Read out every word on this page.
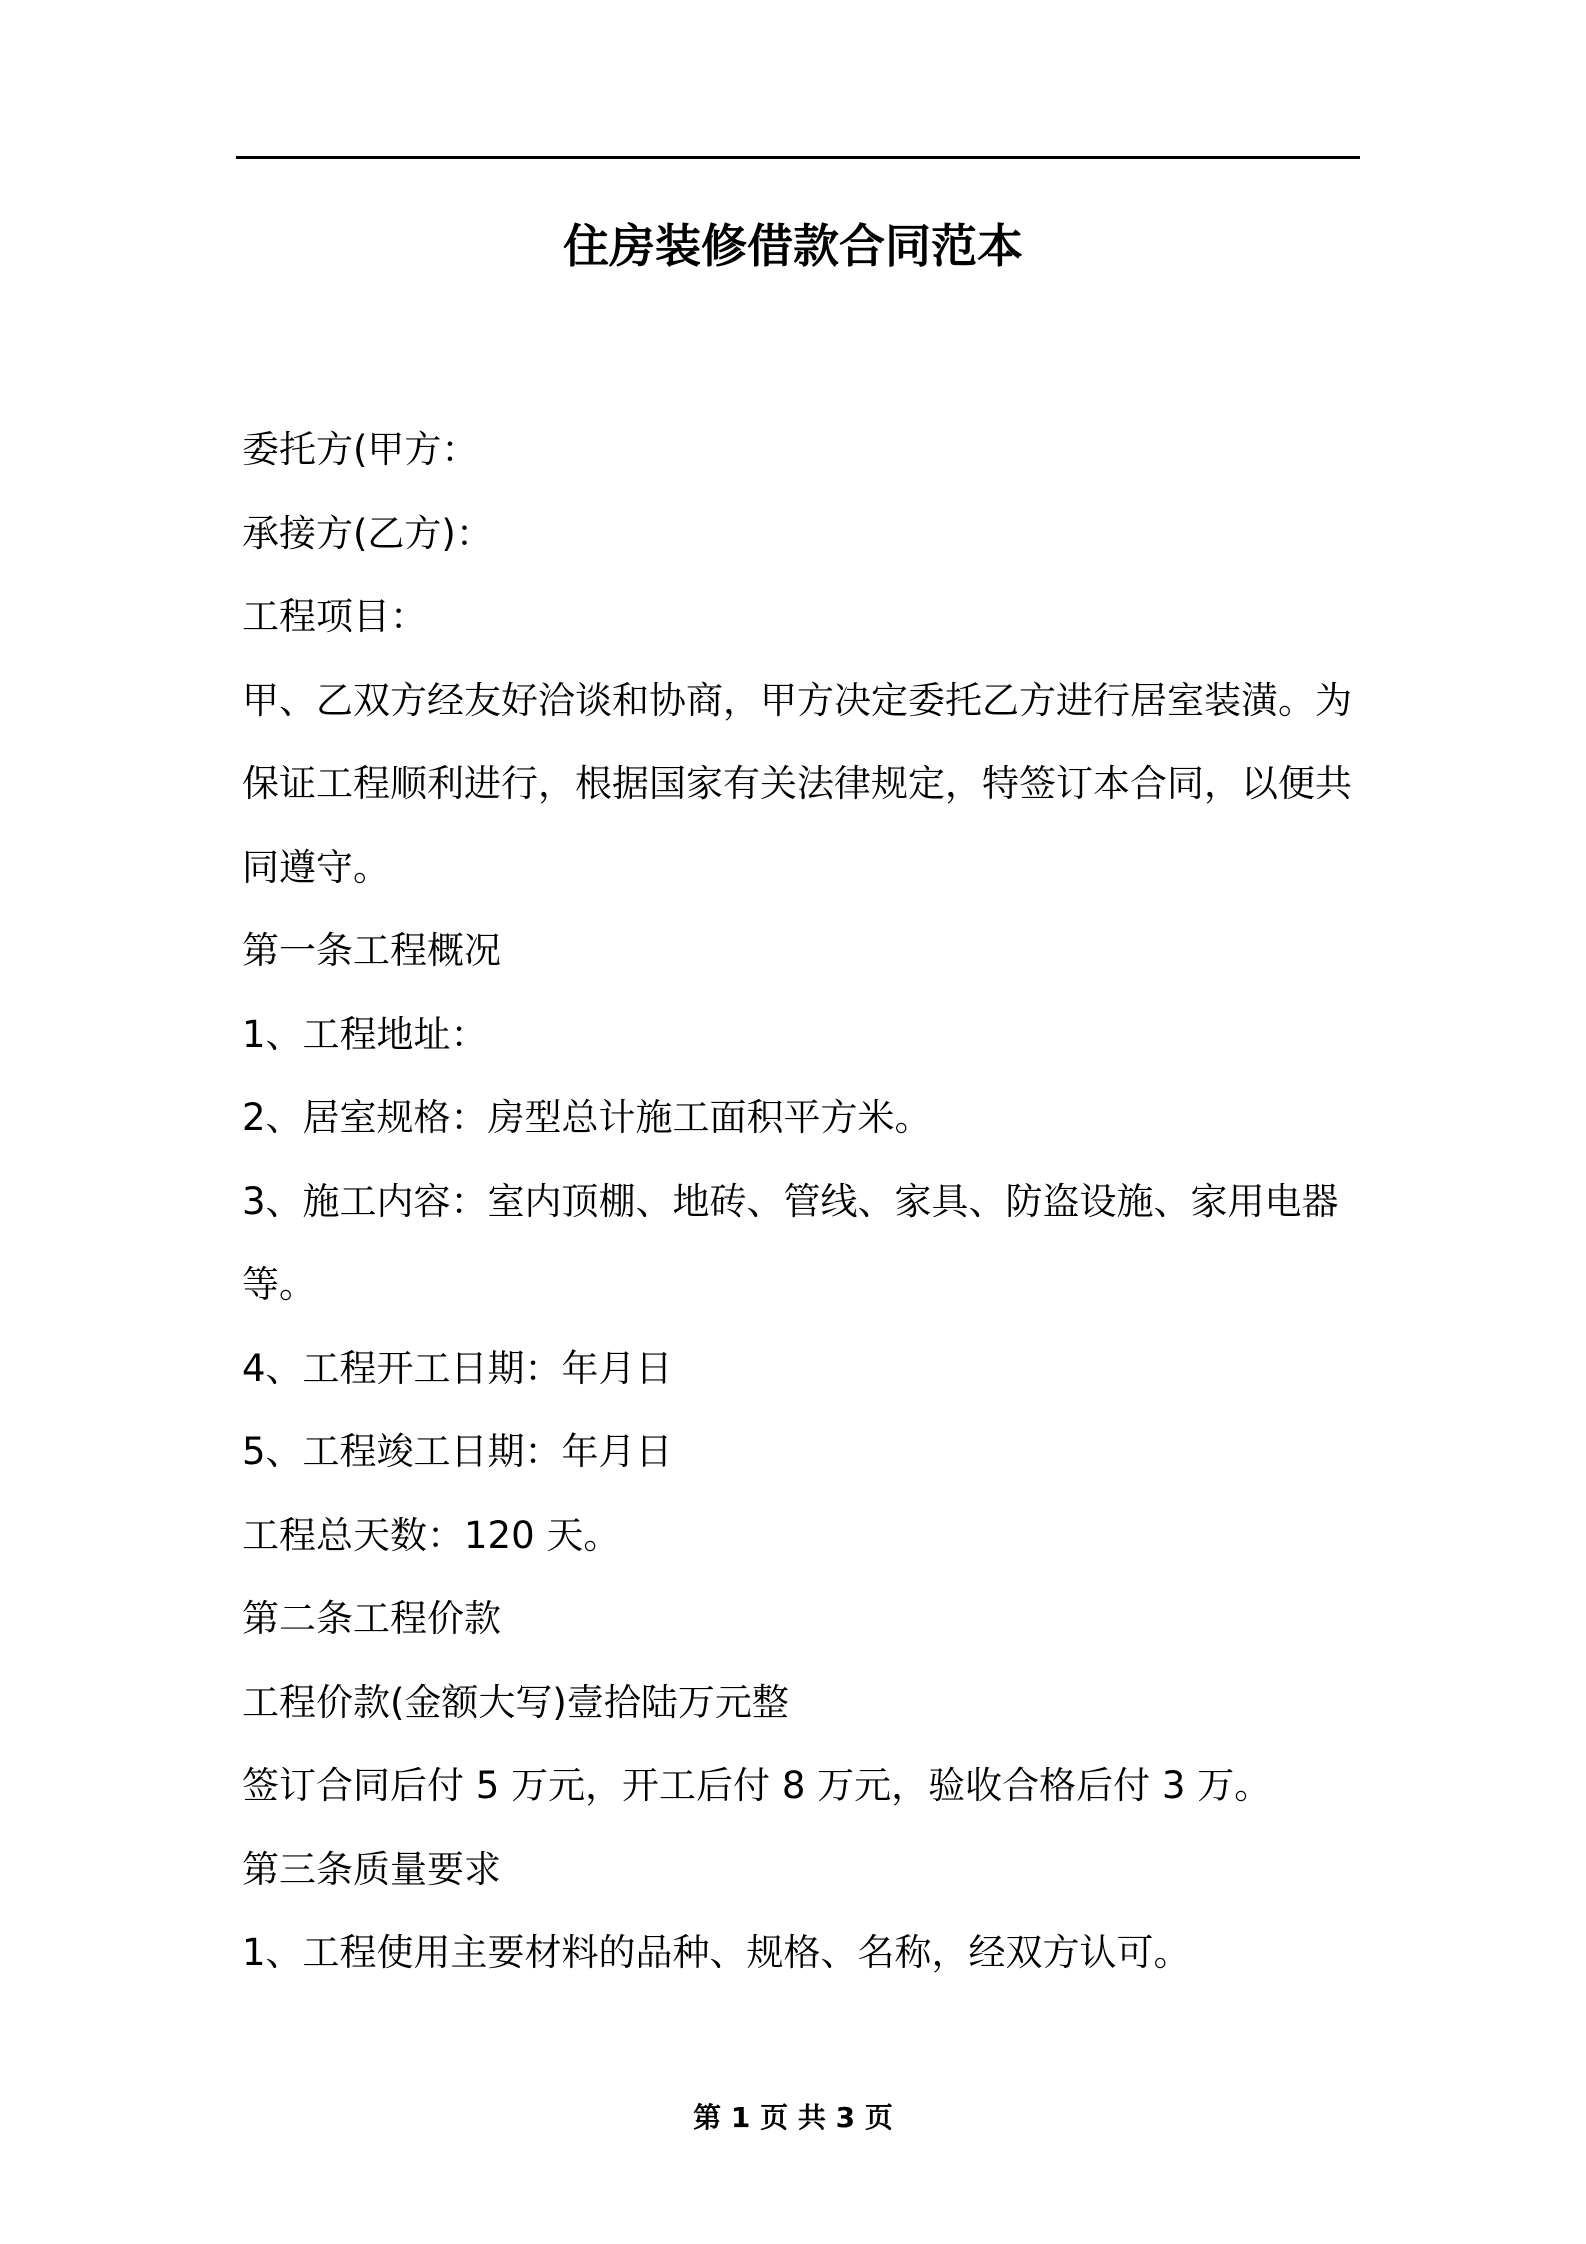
住房装修借款合同范本
委托方(甲方：
承接方(乙方)：
工程项目：
甲、乙双方经友好洽谈和协商，甲方决定委托乙方进行居室装潢。为
保证工程顺利进行，根据国家有关法律规定，特签订本合同，以便共
同遵守。
第一条工程概况
1、工程地址：
2、居室规格：房型总计施工面积平方米。
3、施工内容：室内顶棚、地砖、管线、家具、防盗设施、家用电器
等。
4、工程开工日期：年月日
5、工程竣工日期：年月日
工程总天数：120 天。
第二条工程价款
工程价款(金额大写)壹拾陆万元整
签订合同后付 5 万元，开工后付 8 万元，验收合格后付 3 万。
第三条质量要求
1、工程使用主要材料的品种、规格、名称，经双方认可。
第 1 页 共 3 页
